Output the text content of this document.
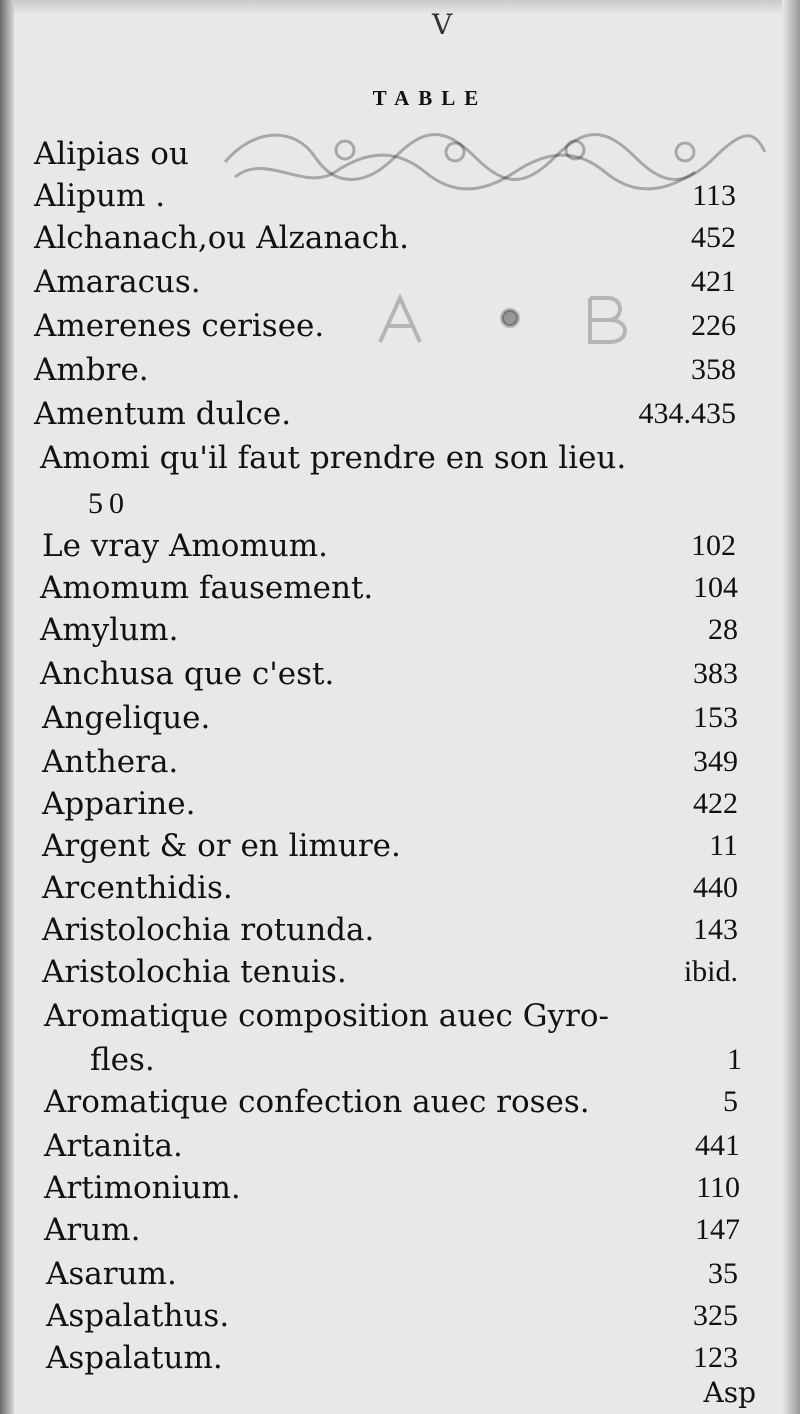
V
TABLE
Alipias ou
Alipum .	113
Alchanach,ou Alzanach.	452
Amaracus.	421
Amerenes cerisee.	226
Ambre.	358
Amentum dulce.	434.435
Amomi qu'il faut prendre en son lieu.
50
Le vray Amomum.	102
Amomum fausement.	104
Amylum.	28
Anchusa que c'est.	383
Angelique.	153
Anthera.	349
Apparine.	422
Argent & or en limure.	11
Arcenthidis.	440
Aristolochia rotunda.	143
Aristolochia tenuis.	ibid.
Aromatique composition auec Gyro-
fles.	1
Aromatique confection auec roses.	5
Artanita.	441
Artimonium.	110
Arum.	147
Asarum.	35
Aspalathus.	325
Aspalatum.	123
Asp
